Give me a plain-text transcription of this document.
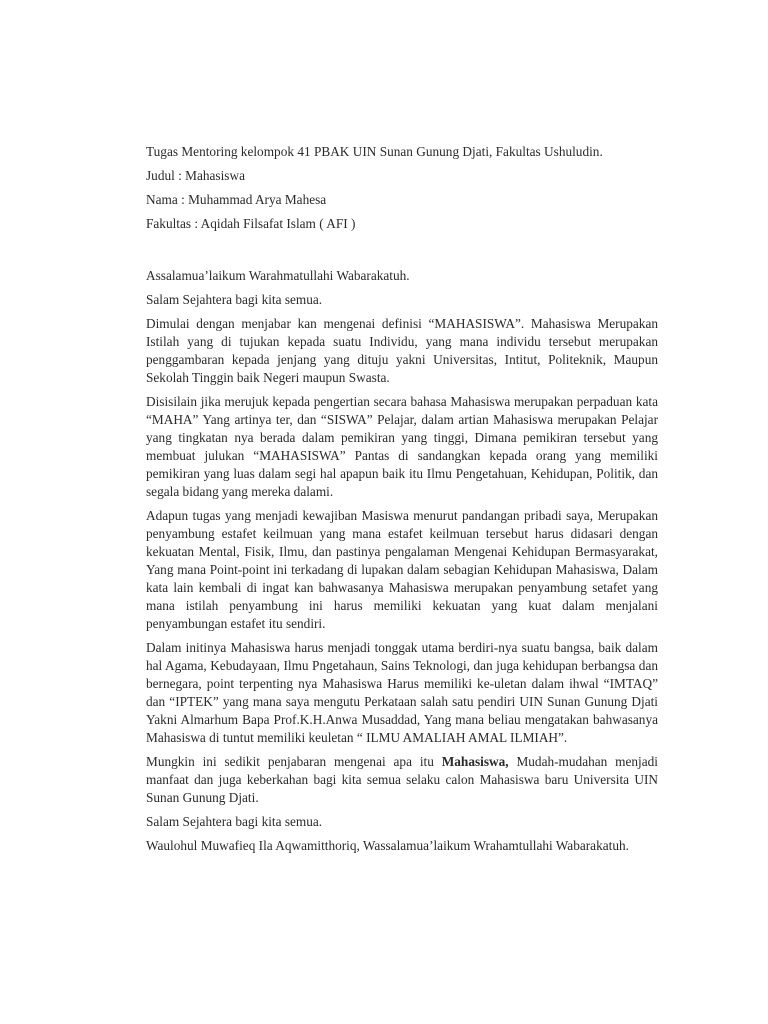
Tugas Mentoring kelompok 41 PBAK UIN Sunan Gunung Djati, Fakultas Ushuludin.

Judul : Mahasiswa

Nama : Muhammad Arya Mahesa

Fakultas : Aqidah Filsafat Islam ( AFI )

Assalamua’laikum Warahmatullahi Wabarakatuh.

Salam Sejahtera bagi kita semua.

Dimulai dengan menjabar kan mengenai definisi “MAHASISWA”. Mahasiswa Merupakan Istilah yang di tujukan kepada suatu Individu, yang mana individu tersebut merupakan penggambaran kepada jenjang yang dituju yakni Universitas, Intitut, Politeknik, Maupun Sekolah Tinggin baik Negeri maupun Swasta.

Disisilain jika merujuk kepada pengertian secara bahasa Mahasiswa merupakan perpaduan kata “MAHA” Yang artinya ter, dan “SISWA” Pelajar, dalam artian Mahasiswa merupakan Pelajar yang tingkatan nya berada dalam pemikiran yang tinggi, Dimana pemikiran tersebut yang membuat julukan “MAHASISWA” Pantas di sandangkan kepada orang yang memiliki pemikiran yang luas dalam segi hal apapun baik itu Ilmu Pengetahuan, Kehidupan, Politik, dan segala bidang yang mereka dalami.

Adapun tugas yang menjadi kewajiban Masiswa menurut pandangan pribadi saya, Merupakan penyambung estafet keilmuan yang mana estafet keilmuan tersebut harus didasari dengan kekuatan Mental, Fisik, Ilmu, dan pastinya pengalaman Mengenai Kehidupan Bermasyarakat, Yang mana Point-point ini terkadang di lupakan dalam sebagian Kehidupan Mahasiswa, Dalam kata lain kembali di ingat kan bahwasanya Mahasiswa merupakan penyambung setafet yang mana istilah penyambung ini harus memiliki kekuatan yang kuat dalam menjalani penyambungan estafet itu sendiri.

Dalam initinya Mahasiswa harus menjadi tonggak utama berdiri-nya suatu bangsa, baik dalam hal Agama, Kebudayaan, Ilmu Pngetahaun, Sains Teknologi, dan juga kehidupan berbangsa dan bernegara, point terpenting nya Mahasiswa Harus memiliki ke-uletan dalam ihwal “IMTAQ” dan “IPTEK” yang mana saya mengutu Perkataan salah satu pendiri UIN Sunan Gunung Djati Yakni Almarhum Bapa Prof.K.H.Anwa Musaddad, Yang mana beliau mengatakan bahwasanya Mahasiswa di tuntut memiliki keuletan “ ILMU AMALIAH AMAL ILMIAH”.

Mungkin ini sedikit penjabaran mengenai apa itu Mahasiswa, Mudah-mudahan menjadi manfaat dan juga keberkahan bagi kita semua selaku calon Mahasiswa baru Universita UIN Sunan Gunung Djati.

Salam Sejahtera bagi kita semua.

Waulohul Muwafieq Ila Aqwamitthoriq, Wassalamua’laikum Wrahamtullahi Wabarakatuh.
